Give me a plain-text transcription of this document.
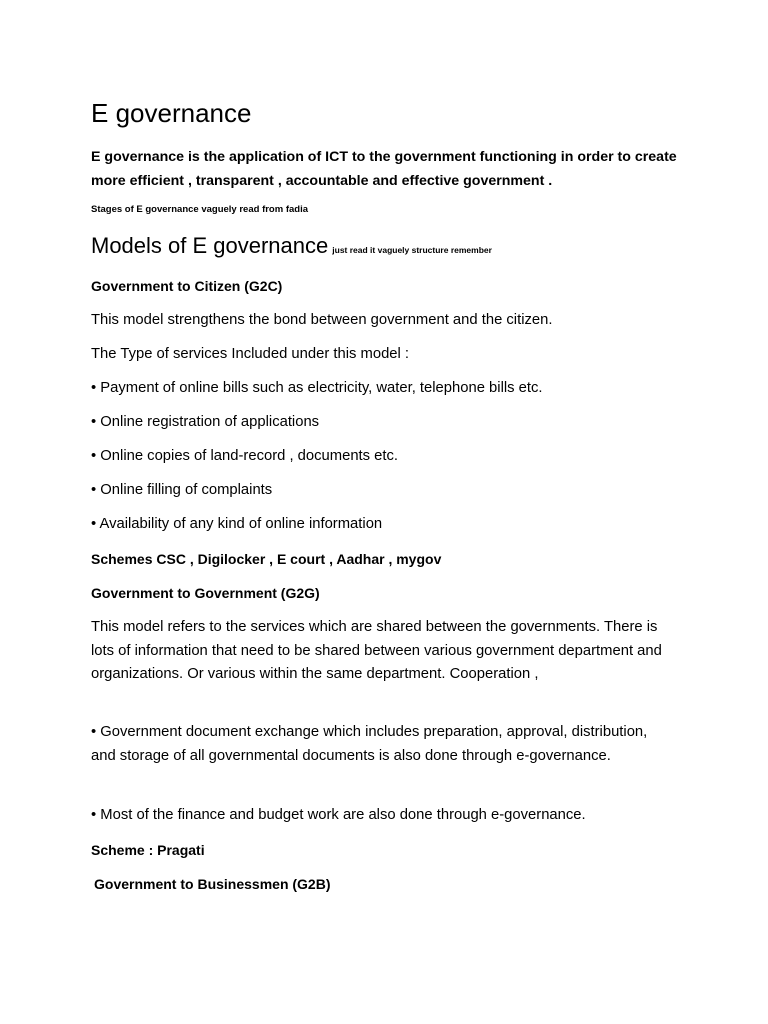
E governance

E governance is the application of ICT to the government functioning in order to create more efficient , transparent , accountable and effective government .

Stages of E governance vaguely read from fadia

Models of E governance just read it vaguely structure remember
Government to Citizen (G2C)

This model strengthens the bond between government and the citizen.

The Type of services Included under this model :

• Payment of online bills such as electricity, water, telephone bills etc.

• Online registration of applications

• Online copies of land-record , documents etc.

• Online filling of complaints

• Availability of any kind of online information

Schemes CSC , Digilocker , E court , Aadhar , mygov
Government to Government (G2G)

This model refers to the services which are shared between the governments. There is lots of information that need to be shared between various government department and organizations. Or various within the same department. Cooperation ,

• Government document exchange which includes preparation, approval, distribution, and storage of all governmental documents is also done through e-governance.

• Most of the finance and budget work are also done through e-governance.

Scheme : Pragati
Government to Businessmen (G2B)
